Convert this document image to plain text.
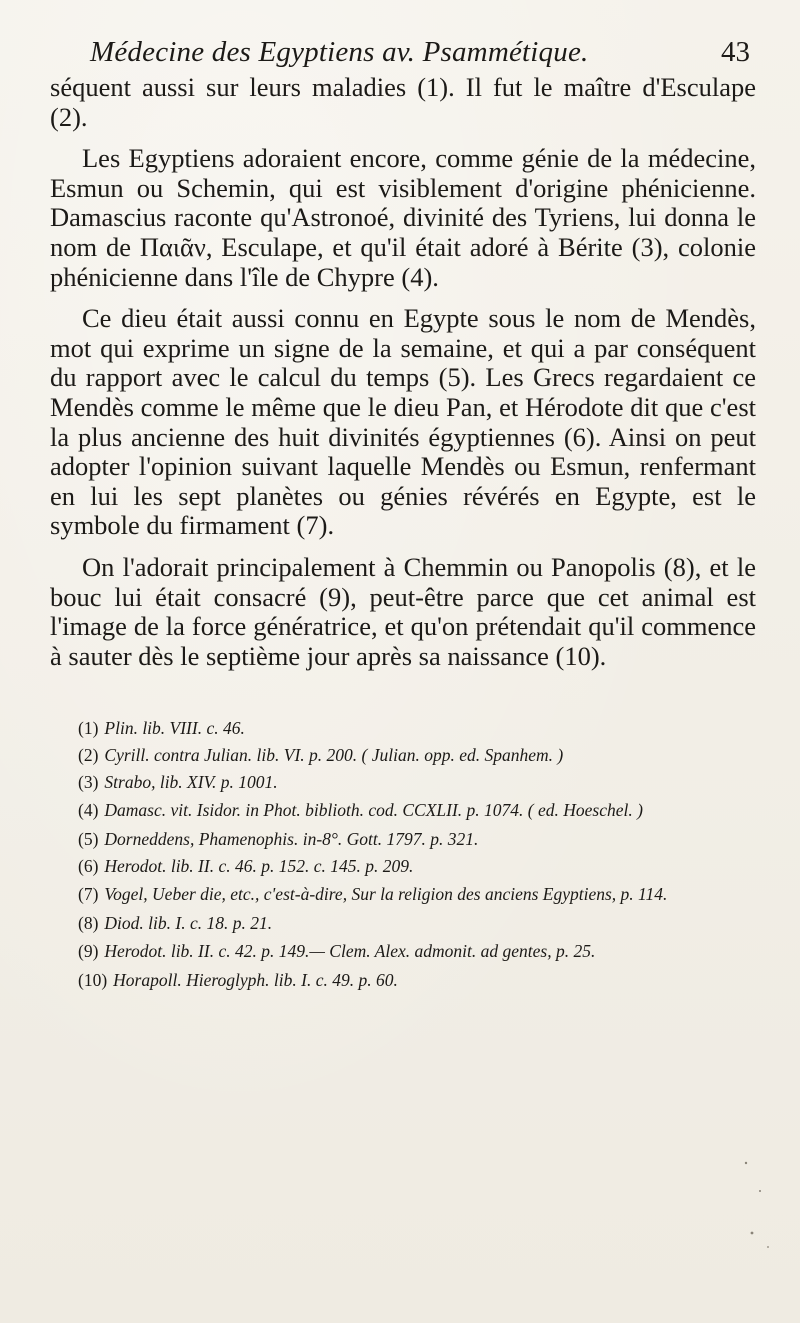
Médecine des Egyptiens av. Psammétique.	43

séquent aussi sur leurs maladies (1). Il fut le maître d'Esculape (2).

Les Egyptiens adoraient encore, comme génie de la médecine, Esmun ou Schemin, qui est visiblement d'origine phénicienne. Damascius raconte qu'Astronoé, divinité des Tyriens, lui donna le nom de Παιᾶν, Esculape, et qu'il était adoré à Bérite (3), colonie phénicienne dans l'île de Chypre (4).

Ce dieu était aussi connu en Egypte sous le nom de Mendès, mot qui exprime un signe de la semaine, et qui a par conséquent du rapport avec le calcul du temps (5). Les Grecs regardaient ce Mendès comme le même que le dieu Pan, et Hérodote dit que c'est la plus ancienne des huit divinités égyptiennes (6). Ainsi on peut adopter l'opinion suivant laquelle Mendès ou Esmun, renfermant en lui les sept planètes ou génies révérés en Egypte, est le symbole du firmament (7).

On l'adorait principalement à Chemmin ou Panopolis (8), et le bouc lui était consacré (9), peut-être parce que cet animal est l'image de la force génératrice, et qu'on prétendait qu'il commence à sauter dès le septième jour après sa naissance (10).

(1) Plin. lib. VIII. c. 46.

(2) Cyrill. contra Julian. lib. VI. p. 200. ( Julian. opp. ed. Spanhem. )

(3) Strabo, lib. XIV. p. 1001.

(4) Damasc. vit. Isidor. in Phot. biblioth. cod. CCXLII. p. 1074. ( ed. Hoeschel. )

(5) Dorneddens, Phamenophis. in-8°. Gott. 1797. p. 321.

(6) Herodot. lib. II. c. 46. p. 152. c. 145. p. 209.

(7) Vogel, Ueber die, etc., c'est-à-dire, Sur la religion des anciens Egyptiens, p. 114.

(8) Diod. lib. I. c. 18. p. 21.

(9) Herodot. lib. II. c. 42. p. 149.— Clem. Alex. admonit. ad gentes, p. 25.

(10) Horapoll. Hieroglyph. lib. I. c. 49. p. 60.
